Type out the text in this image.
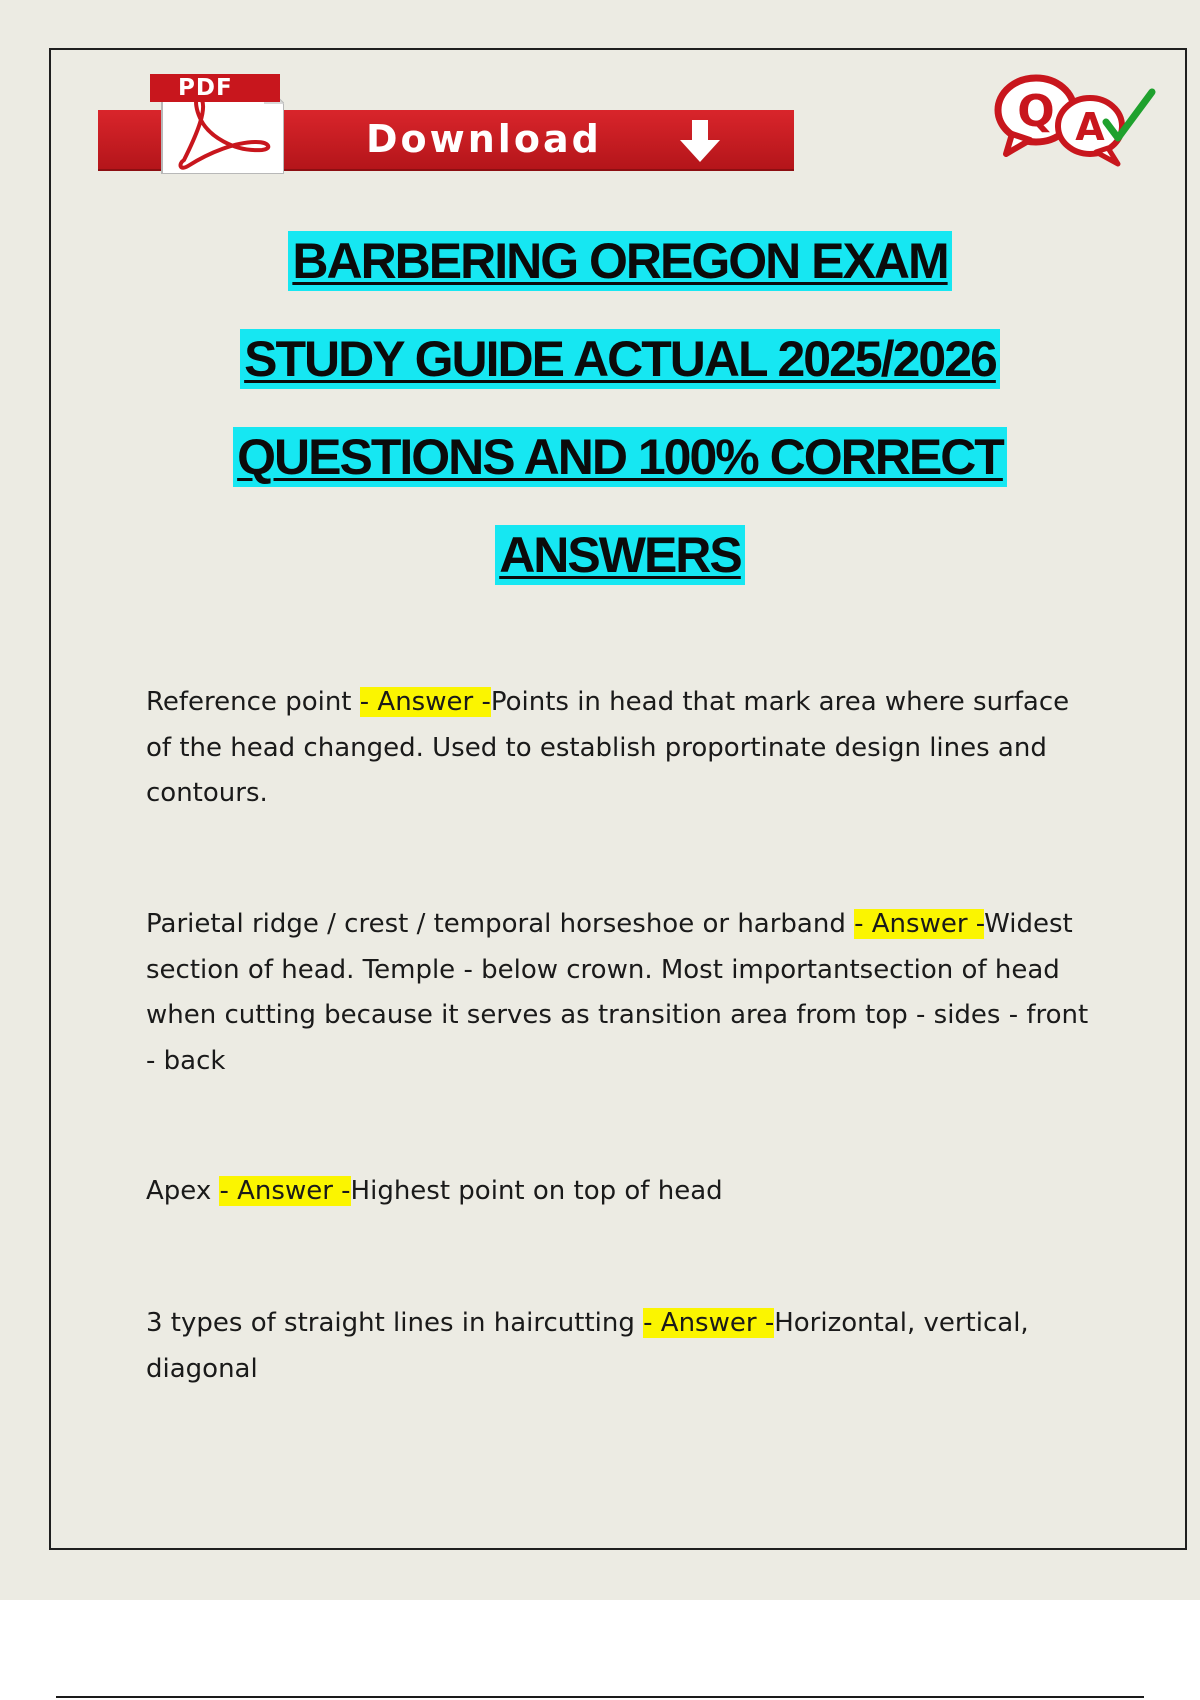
PDF
Download
Q A
BARBERING OREGON EXAM
STUDY GUIDE ACTUAL 2025/2026
QUESTIONS AND 100% CORRECT
ANSWERS

Reference point - Answer -Points in head that mark area where surface of the head changed. Used to establish proportinate design lines and contours.

Parietal ridge / crest / temporal horseshoe or harband - Answer -Widest section of head. Temple - below crown. Most importantsection of head when cutting because it serves as transition area from top - sides - front - back

Apex - Answer -Highest point on top of head

3 types of straight lines in haircutting - Answer -Horizontal, vertical, diagonal
